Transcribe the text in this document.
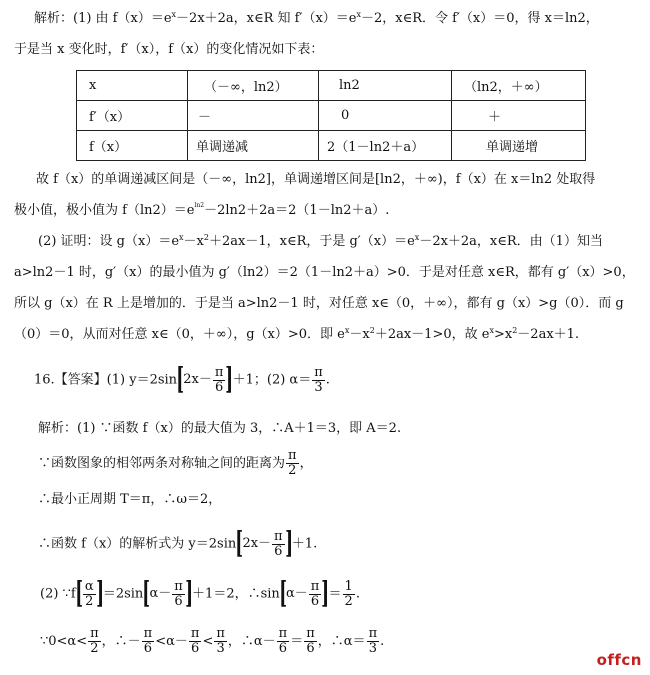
解析：(1) 由 $f(x)=e^x-2x+2a$，x∈R 知 $f'(x)=e^x-2$，x∈R．令 f′（x）＝0，得 x＝ln2，
于是当 x 变化时，f′（x），f（x）的变化情况如下表：
x	（－∞，ln2）	ln2	（ln2，＋∞）
f′（x）	－	0	＋
f（x）	单调递减	2（1－ln2＋a）	单调递增
故 f（x）的单调递减区间是（－∞，ln2]，单调递增区间是[ln2，＋∞)，f（x）在 x＝ln2 处取得
极小值，极小值为 $f(\ln 2)=e^{ln2}-2\ln 2+2a=2(1-\ln 2+a)$.
(2) 证明：设 $g(x)=e^x-x^2+2ax-1$，x∈R，于是 $g'(x)=e^x-2x+2a$，x∈R．由（1）知当
a>ln2－1 时，g′（x）的最小值为 g′（ln2）＝2（1－ln2＋a）>0．于是对任意 x∈R，都有 g′（x）>0，
所以 g（x）在 R 上是增加的．于是当 a>ln2－1 时，对任意 x∈（0，＋∞），都有 g（x）>g（0）．而 g
（0）＝0，从而对任意 x∈（0，＋∞），g（x）>0．即 $e^x-x^2+2ax-1>0$，故 $e^x>x^2-2ax+1$.
16.【答案】(1) $y=2\sin[2x- \frac{\pi}{6} ]+1$；(2) $\alpha= \frac{\pi}{3}$ .
解析：(1) ∵函数 f（x）的最大值为 3，∴A＋1＝3，即 A＝2.
∵函数图象的相邻两条对称轴之间的距离为 $\frac{\pi}{2}$ ，
∴最小正周期 T＝π，∴ω＝2，
∴函数 f（x）的解析式为 $y=2\sin[2x- \frac{\pi}{6} ]+1$.
(2) ∵f[ $\frac{\alpha}{2} ]=2\sin[\alpha- \frac{\pi}{6} ]+1=2$，∴sin[α－ $\frac{\pi}{6}$ ]＝ $\frac{1}{2}$ .
∵0<α< $\frac{\pi}{2}$ ，∴－ $\frac{\pi}{6} <\alpha- \frac{\pi}{6} < \frac{\pi}{3}$ ，∴α－ $\frac{\pi}{6} = \frac{\pi}{6}$ ，∴α＝ $\frac{\pi}{3}$ .
offcn
